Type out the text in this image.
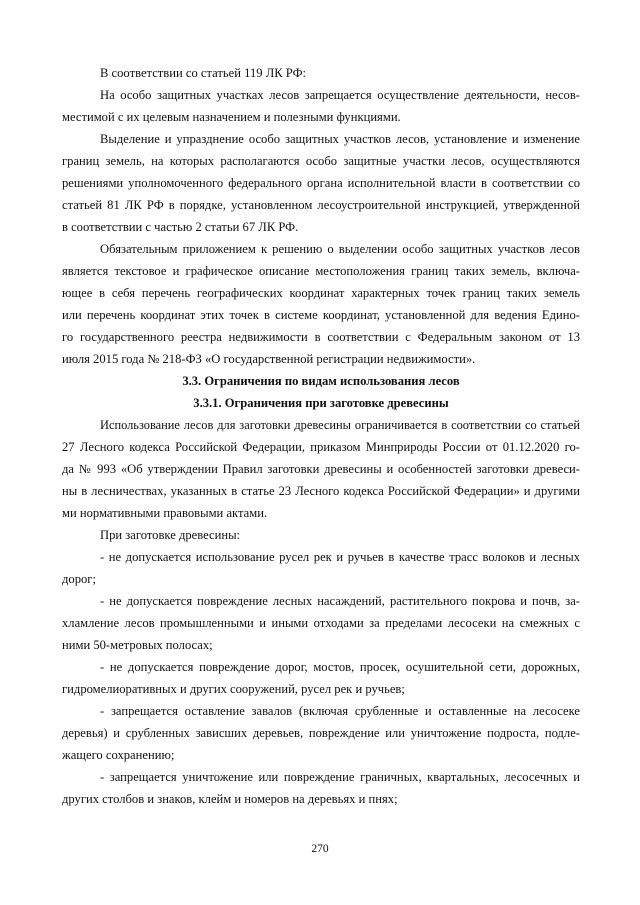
В соответствии со статьей 119 ЛК РФ:
На особо защитных участках лесов запрещается осуществление деятельности, несов-
местимой с их целевым назначением и полезными функциями.
Выделение и упразднение особо защитных участков лесов, установление и изменение
границ земель, на которых располагаются особо защитные участки лесов, осуществляются
решениями уполномоченного федерального органа исполнительной власти в соответствии со
статьей 81 ЛК РФ в порядке, установленном лесоустроительной инструкцией, утвержденной
в соответствии с частью 2 статьи 67 ЛК РФ.
Обязательным приложением к решению о выделении особо защитных участков лесов
является текстовое и графическое описание местоположения границ таких земель, включа-
ющее в себя перечень географических координат характерных точек границ таких земель
или перечень координат этих точек в системе координат, установленной для ведения Едино-
го государственного реестра недвижимости в соответствии с Федеральным законом от 13
июля 2015 года № 218-ФЗ «О государственной регистрации недвижимости».
3.3. Ограничения по видам использования лесов
3.3.1. Ограничения при заготовке древесины
Использование лесов для заготовки древесины ограничивается в соответствии со статьей
27 Лесного кодекса Российской Федерации, приказом Минприроды России от 01.12.2020 го-
да № 993 «Об утверждении Правил заготовки древесины и особенностей заготовки древеси-
ны в лесничествах, указанных в статье 23 Лесного кодекса Российской Федерации» и другими
ми нормативными правовыми актами.
При заготовке древесины:
- не допускается использование русел рек и ручьев в качестве трасс волоков и лесных
дорог;
- не допускается повреждение лесных насаждений, растительного покрова и почв, за-
хламление лесов промышленными и иными отходами за пределами лесосеки на смежных с
ними 50-метровых полосах;
- не допускается повреждение дорог, мостов, просек, осушительной сети, дорожных,
гидромелиоративных и других сооружений, русел рек и ручьев;
- запрещается оставление завалов (включая срубленные и оставленные на лесосеке
деревья) и срубленных зависших деревьев, повреждение или уничтожение подроста, подле-
жащего сохранению;
- запрещается уничтожение или повреждение граничных, квартальных, лесосечных и
других столбов и знаков, клейм и номеров на деревьях и пнях;
270
